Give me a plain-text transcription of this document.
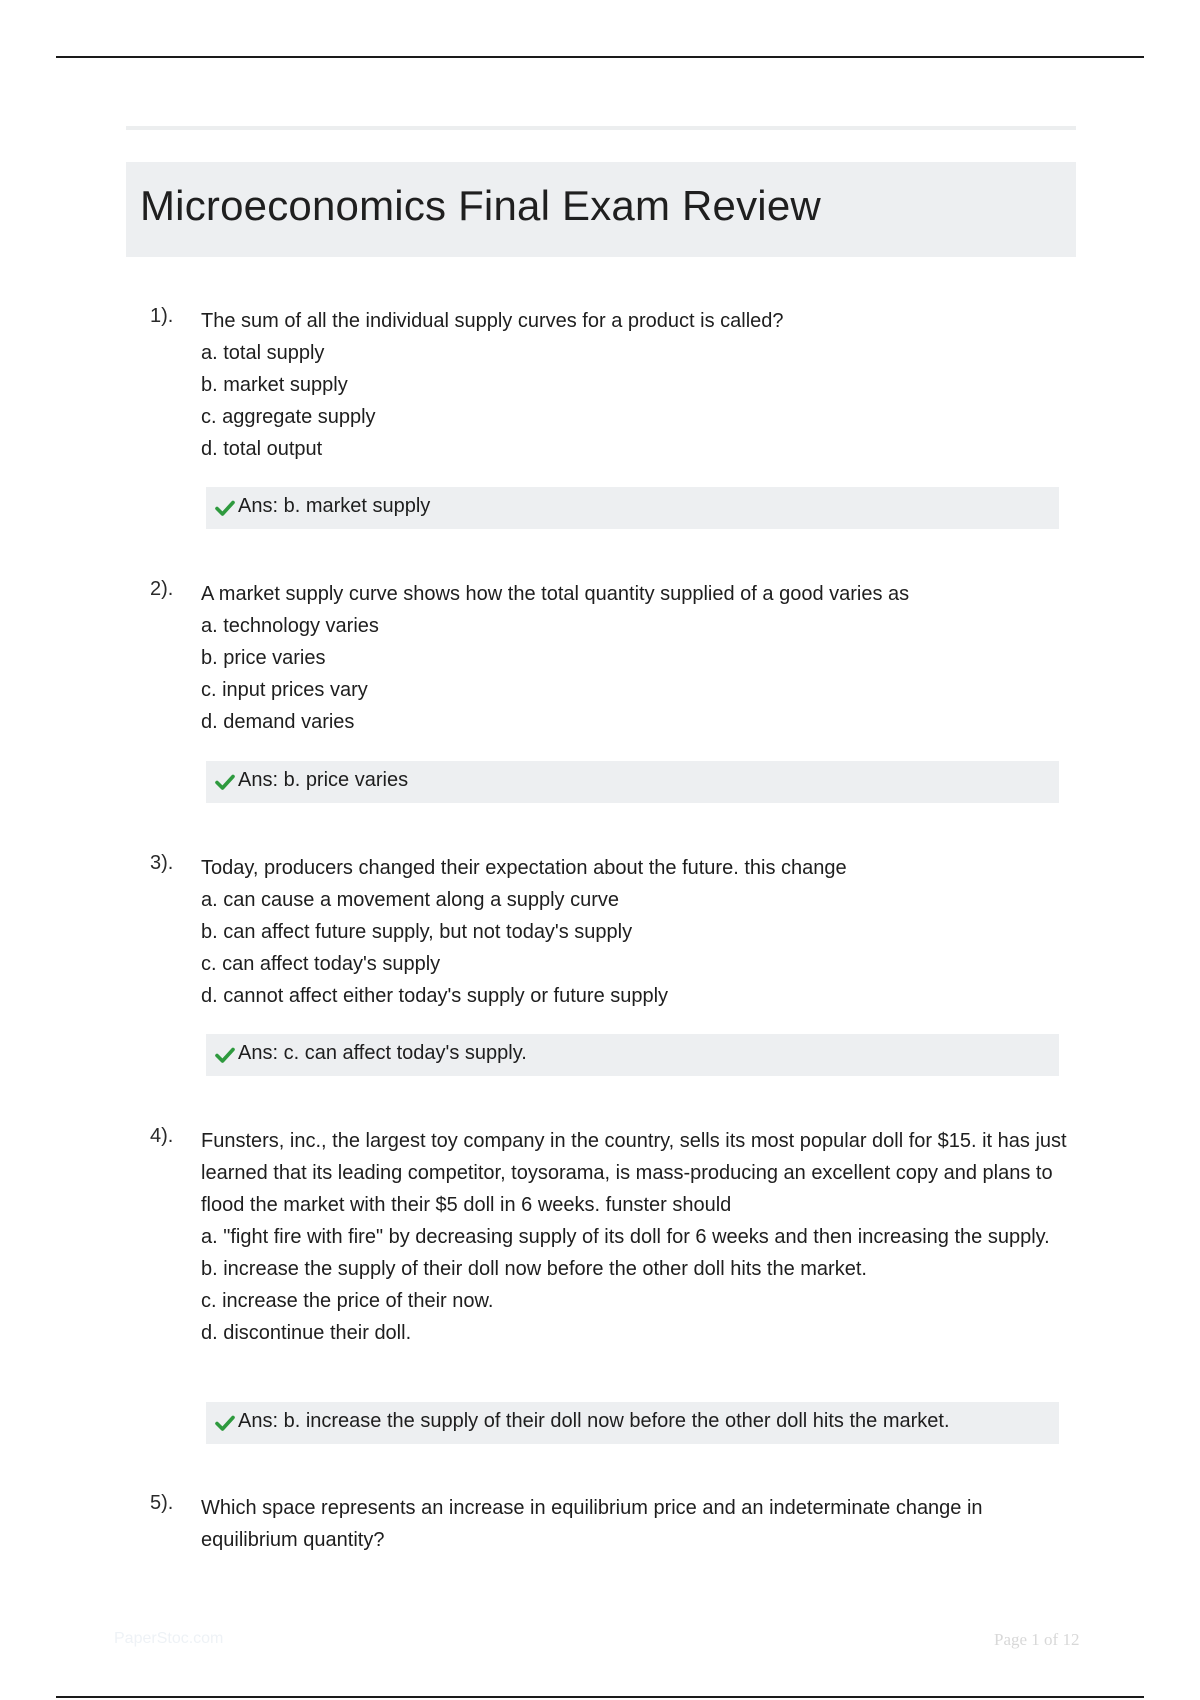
Microeconomics Final Exam Review
1). The sum of all the individual supply curves for a product is called?
a. total supply
b. market supply
c. aggregate supply
d. total output
Ans: b. market supply
2). A market supply curve shows how the total quantity supplied of a good varies as
a. technology varies
b. price varies
c. input prices vary
d. demand varies
Ans: b. price varies
3). Today, producers changed their expectation about the future. this change
a. can cause a movement along a supply curve
b. can affect future supply, but not today's supply
c. can affect today's supply
d. cannot affect either today's supply or future supply
Ans: c. can affect today's supply.
4). Funsters, inc., the largest toy company in the country, sells its most popular doll for $15. it has just learned that its leading competitor, toysorama, is mass-producing an excellent copy and plans to flood the market with their $5 doll in 6 weeks. funster should
a. "fight fire with fire" by decreasing supply of its doll for 6 weeks and then increasing the supply.
b. increase the supply of their doll now before the other doll hits the market.
c. increase the price of their now.
d. discontinue their doll.
Ans: b. increase the supply of their doll now before the other doll hits the market.
5). Which space represents an increase in equilibrium price and an indeterminate change in equilibrium quantity?
PaperStoc.com	Page 1 of 12
